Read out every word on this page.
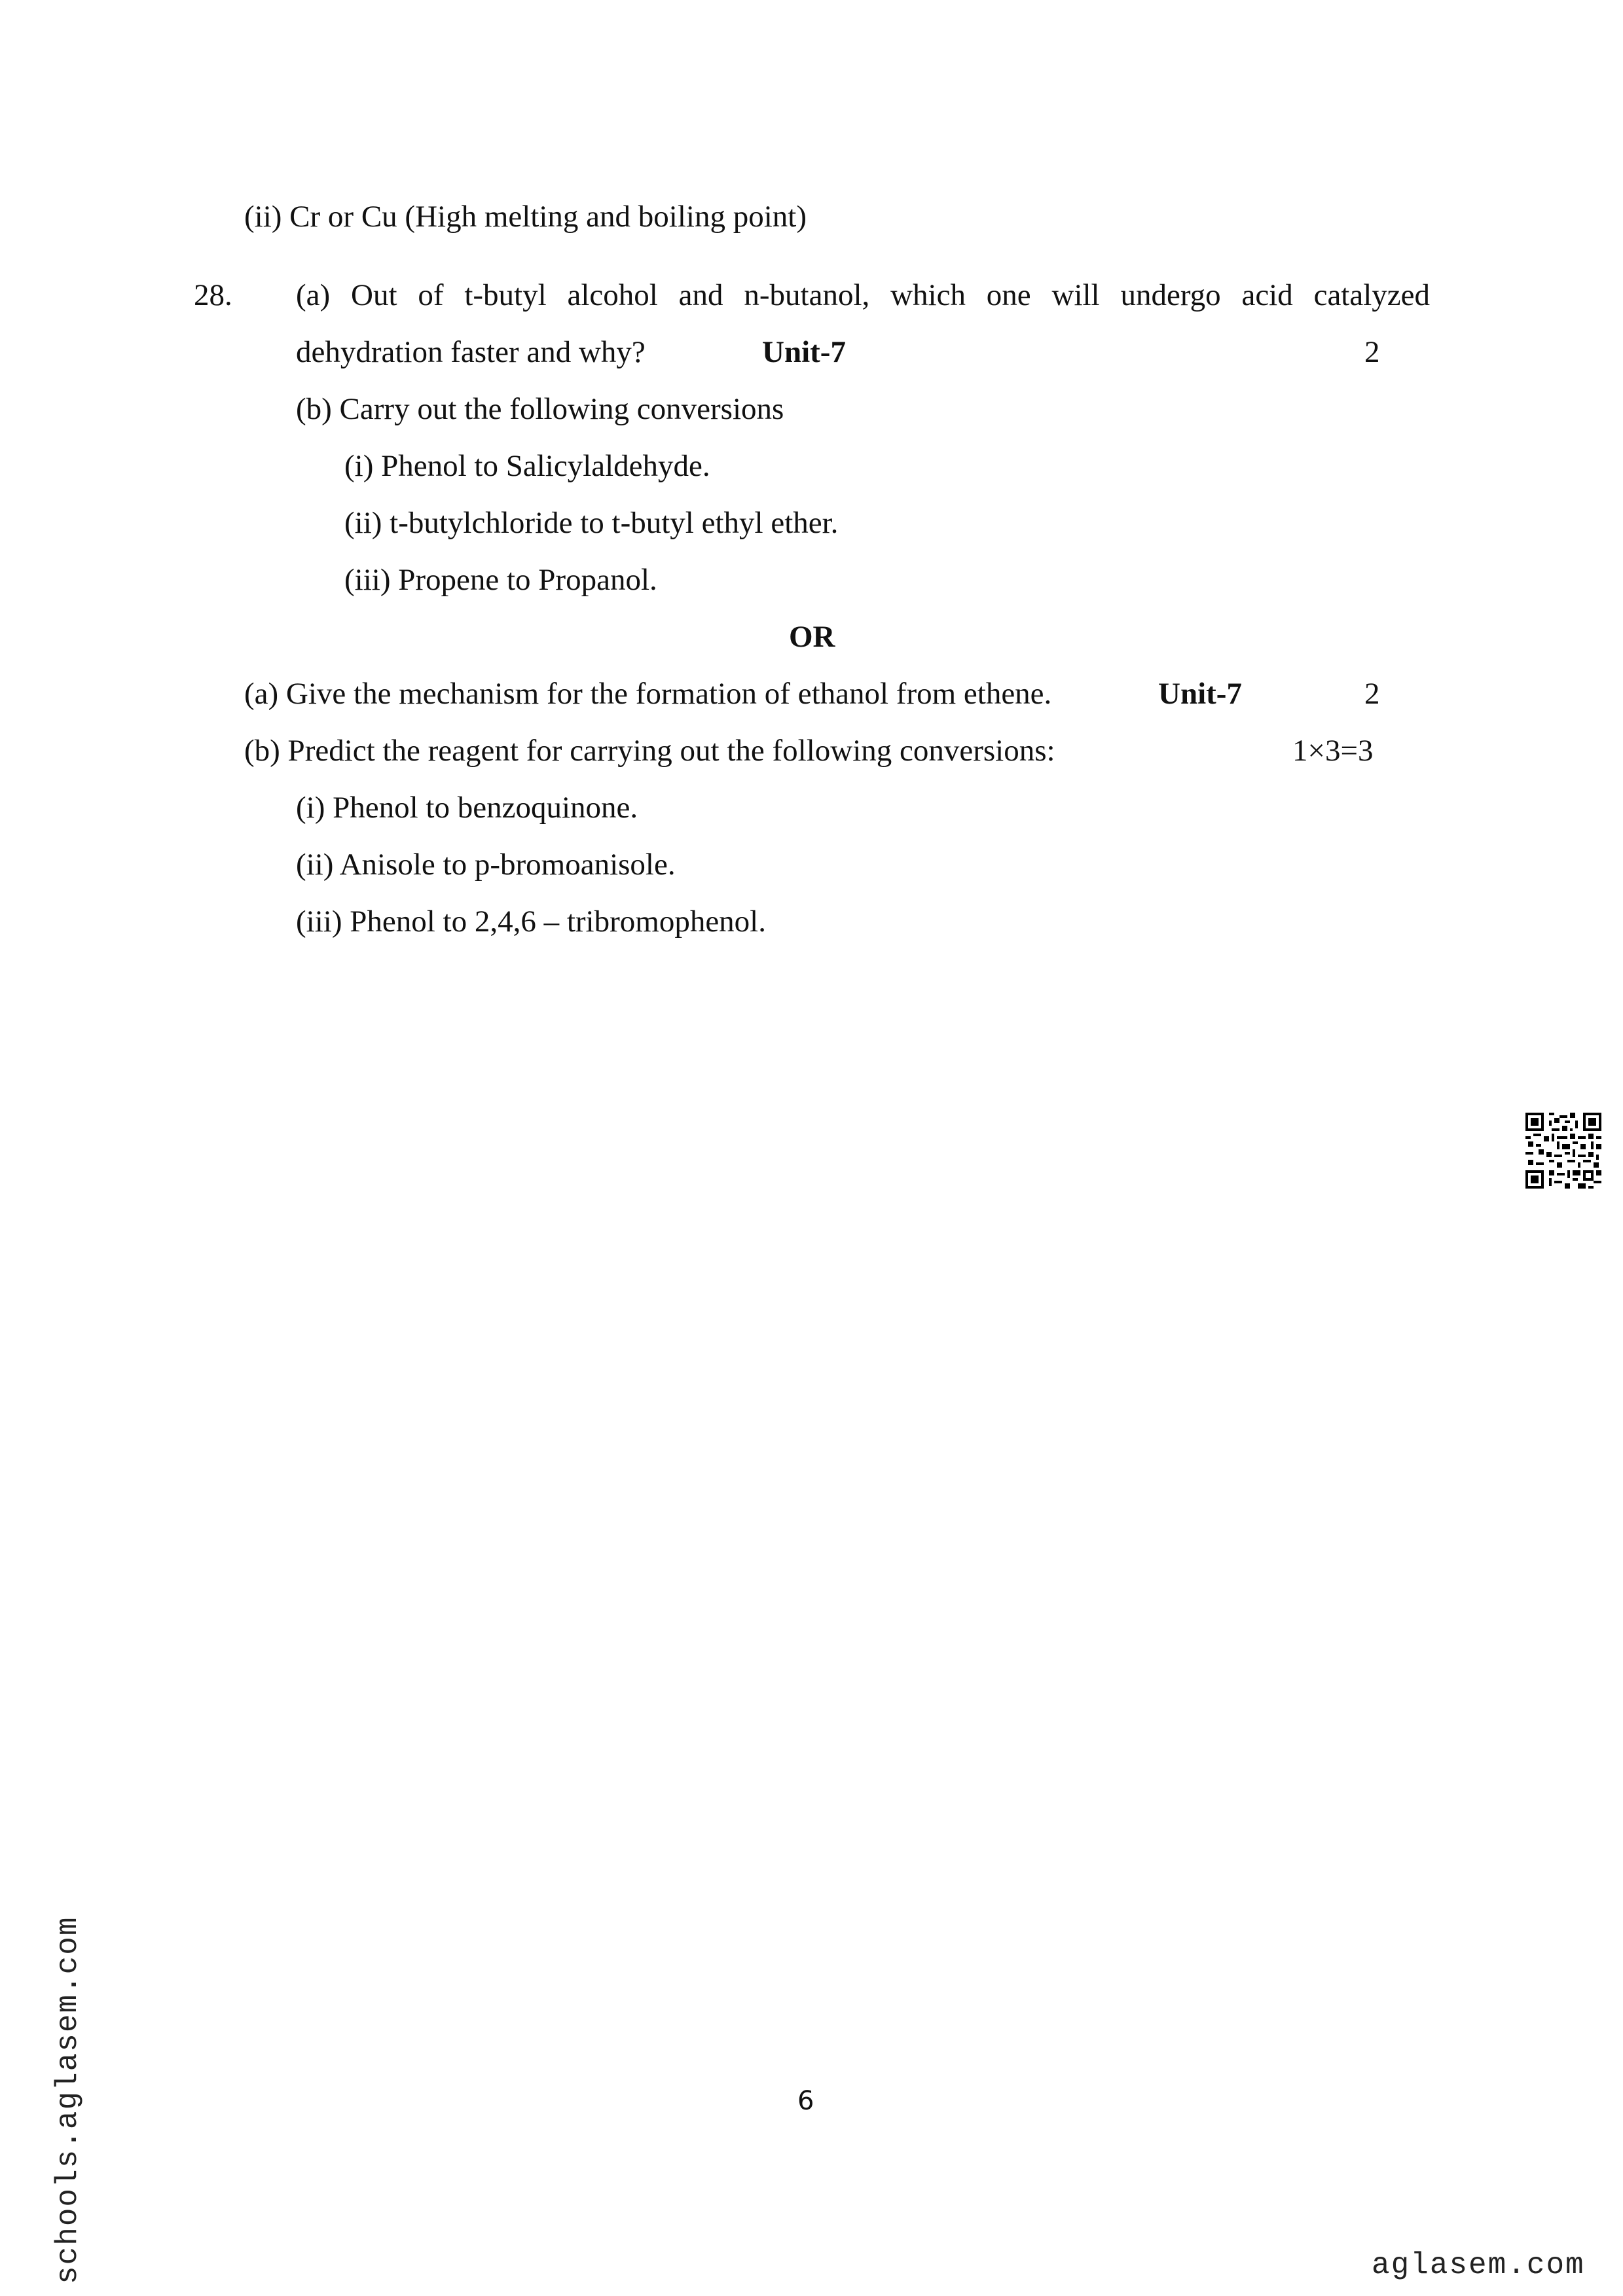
(ii) Cr or Cu (High melting and boiling point)
28. (a) Out of t-butyl alcohol and n-butanol, which one will undergo acid catalyzed
dehydration faster and why?	Unit-7	2
(b) Carry out the following conversions
(i) Phenol to Salicylaldehyde.
(ii) t-butylchloride to t-butyl ethyl ether.
(iii) Propene to Propanol.
OR
(a) Give the mechanism for the formation of ethanol from ethene.	Unit-7	2
(b) Predict the reagent for carrying out the following conversions:	1×3=3
(i) Phenol to benzoquinone.
(ii) Anisole to p-bromoanisole.
(iii) Phenol to 2,4,6 – tribromophenol.
6
schools.aglasem.com	aglasem.com
